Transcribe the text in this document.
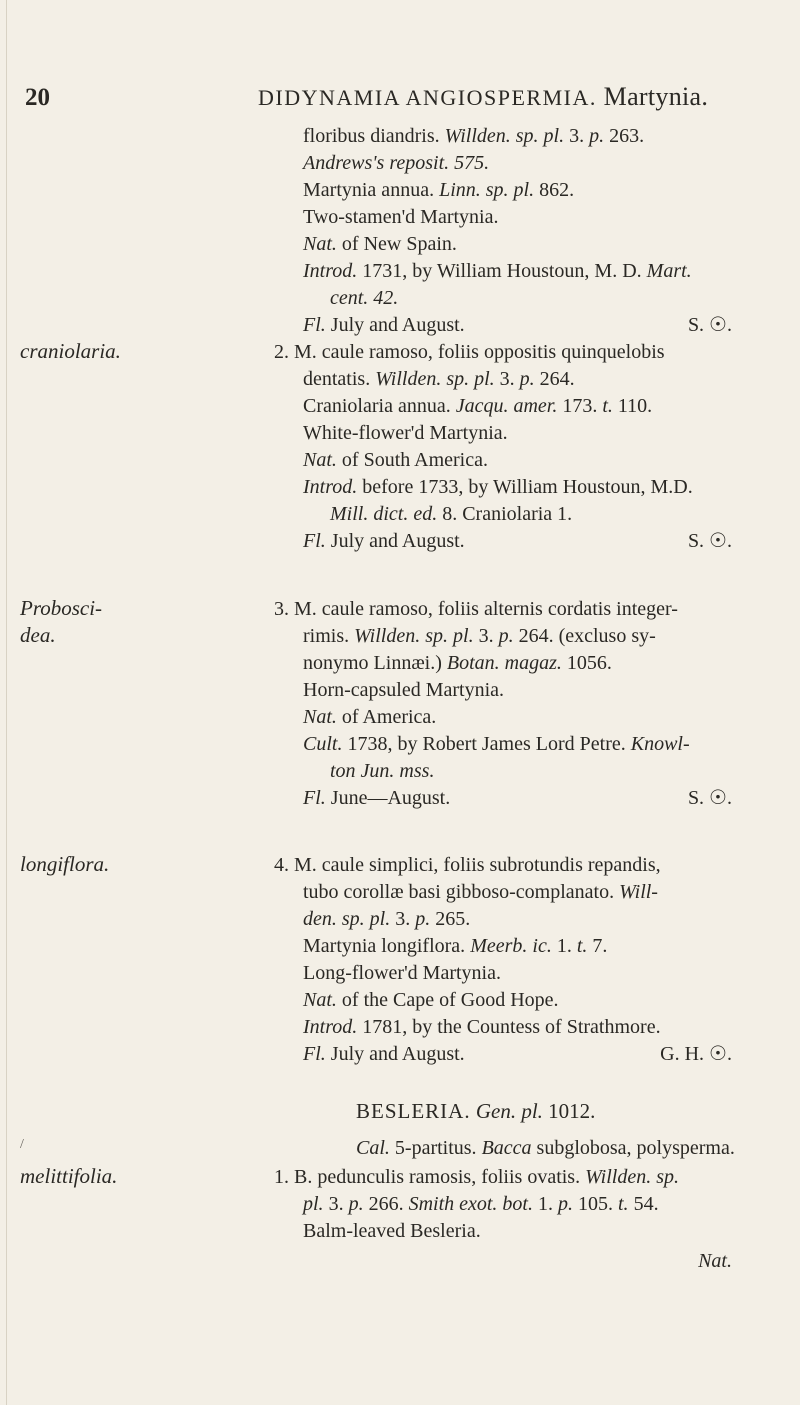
20	DIDYNAMIA ANGIOSPERMIA. Martynia.
floribus diandris. Willden. sp. pl. 3. p. 263.
Andrews's reposit. 575.
Martynia annua. Linn. sp. pl. 862.
Two-stamen'd Martynia.
Nat. of New Spain.
Introd. 1731, by William Houstoun, M. D. Mart.
cent. 42.
Fl. July and August.	S. ☉.
craniolaria.	2. M. caule ramoso, foliis oppositis quinquelobis
dentatis. Willden. sp. pl. 3. p. 264.
Craniolaria annua. Jacqu. amer. 173. t. 110.
White-flower'd Martynia.
Nat. of South America.
Introd. before 1733, by William Houstoun, M.D.
Mill. dict. ed. 8. Craniolaria 1.
Fl. July and August.	S. ☉.
Probosci-
dea.
3. M. caule ramoso, foliis alternis cordatis integer-
rimis. Willden. sp. pl. 3. p. 264. (excluso sy-
nonymo Linnæi.) Botan. magaz. 1056.
Horn-capsuled Martynia.
Nat. of America.
Cult. 1738, by Robert James Lord Petre. Knowl-
ton Jun. mss.
Fl. June—August.	S. ☉.
longiflora.	4. M. caule simplici, foliis subrotundis repandis,
tubo corollæ basi gibboso-complanato. Will-
den. sp. pl. 3. p. 265.
Martynia longiflora. Meerb. ic. 1. t. 7.
Long-flower'd Martynia.
Nat. of the Cape of Good Hope.
Introd. 1781, by the Countess of Strathmore.
Fl. July and August.	G. H. ☉.
BESLERIA. Gen. pl. 1012.
/	Cal. 5-partitus. Bacca subglobosa, polysperma.
melittifolia.	1. B. pedunculis ramosis, foliis ovatis. Willden. sp.
pl. 3. p. 266. Smith exot. bot. 1. p. 105. t. 54.
Balm-leaved Besleria.
Nat.
